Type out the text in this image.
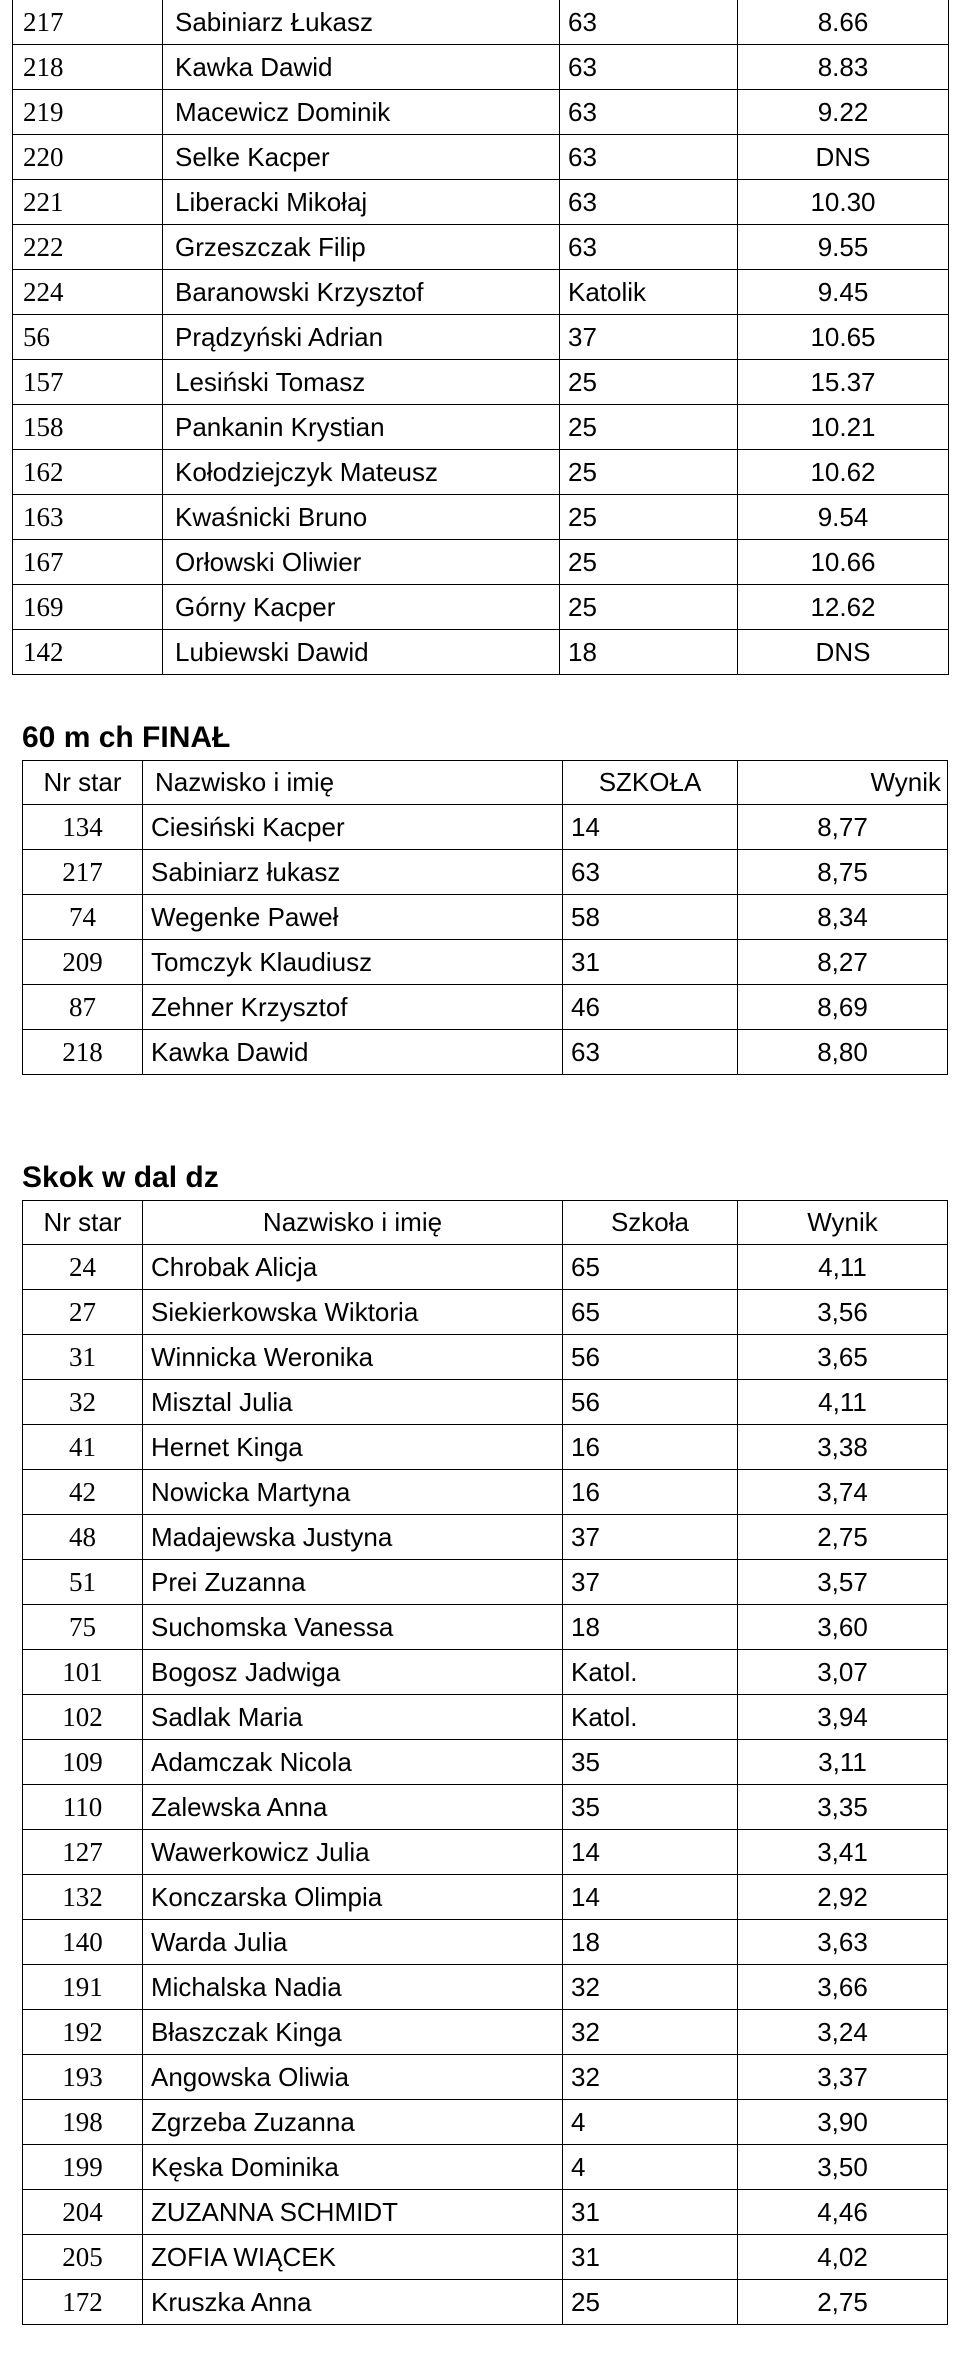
217	Sabiniarz Łukasz	63	8.66
218	Kawka Dawid	63	8.83
219	Macewicz Dominik	63	9.22
220	Selke Kacper	63	DNS
221	Liberacki Mikołaj	63	10.30
222	Grzeszczak Filip	63	9.55
224	Baranowski Krzysztof	Katolik	9.45
56	Prądzyński Adrian	37	10.65
157	Lesiński Tomasz	25	15.37
158	Pankanin Krystian	25	10.21
162	Kołodziejczyk Mateusz	25	10.62
163	Kwaśnicki Bruno	25	9.54
167	Orłowski Oliwier	25	10.66
169	Górny Kacper	25	12.62
142	Lubiewski Dawid	18	DNS
60 m ch FINAŁ
Nr star	Nazwisko i imię	SZKOŁA	Wynik
134	Ciesiński Kacper	14	8,77
217	Sabiniarz łukasz	63	8,75
74	Wegenke Paweł	58	8,34
209	Tomczyk Klaudiusz	31	8,27
87	Zehner Krzysztof	46	8,69
218	Kawka Dawid	63	8,80
Skok w dal dz
Nr star	Nazwisko i imię	Szkoła	Wynik
24	Chrobak Alicja	65	4,11
27	Siekierkowska Wiktoria	65	3,56
31	Winnicka Weronika	56	3,65
32	Misztal Julia	56	4,11
41	Hernet Kinga	16	3,38
42	Nowicka Martyna	16	3,74
48	Madajewska Justyna	37	2,75
51	Prei Zuzanna	37	3,57
75	Suchomska Vanessa	18	3,60
101	Bogosz Jadwiga	Katol.	3,07
102	Sadlak Maria	Katol.	3,94
109	Adamczak Nicola	35	3,11
110	Zalewska Anna	35	3,35
127	Wawerkowicz Julia	14	3,41
132	Konczarska Olimpia	14	2,92
140	Warda Julia	18	3,63
191	Michalska Nadia	32	3,66
192	Błaszczak Kinga	32	3,24
193	Angowska Oliwia	32	3,37
198	Zgrzeba Zuzanna	4	3,90
199	Kęska Dominika	4	3,50
204	ZUZANNA SCHMIDT	31	4,46
205	ZOFIA WIĄCEK	31	4,02
172	Kruszka Anna	25	2,75
